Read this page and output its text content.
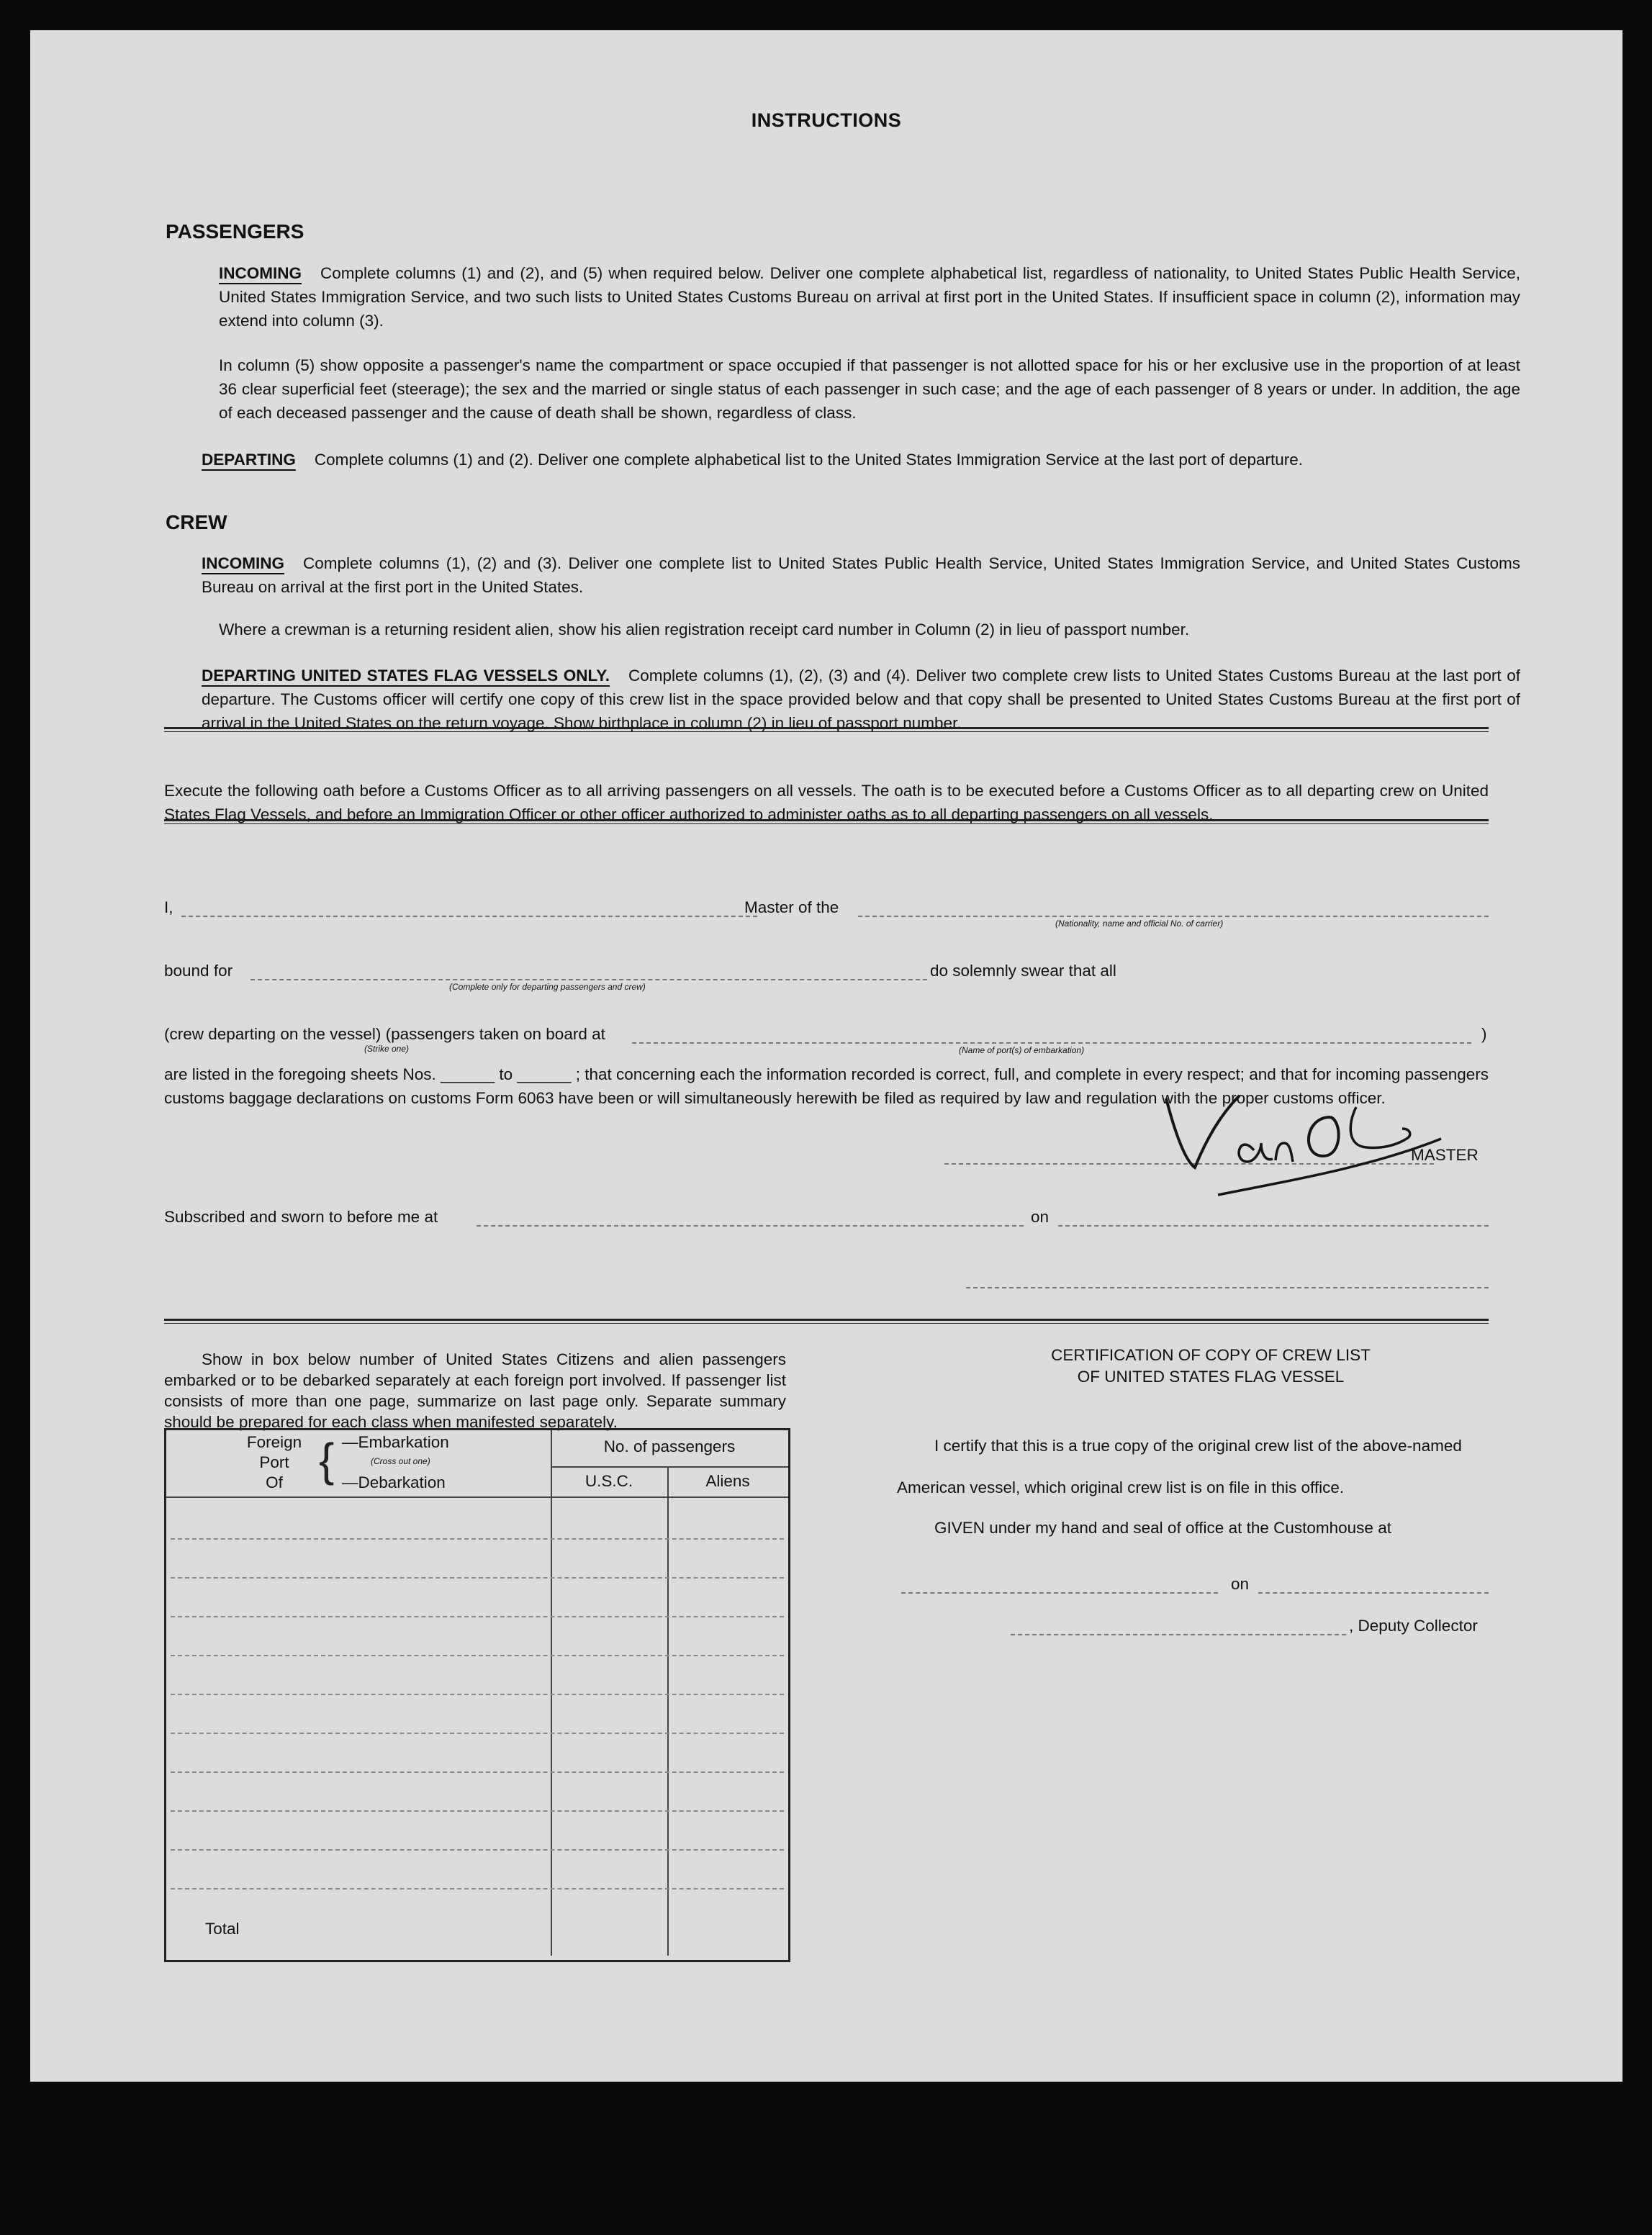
INSTRUCTIONS
PASSENGERS

INCOMING Complete columns (1) and (2), and (5) when required below. Deliver one complete alphabetical list, regardless of nationality, to United States Public Health Service, United States Immigration Service, and two such lists to United States Customs Bureau on arrival at first port in the United States. If insufficient space in column (2), information may extend into column (3).

In column (5) show opposite a passenger's name the compartment or space occupied if that passenger is not allotted space for his or her exclusive use in the proportion of at least 36 clear superficial feet (steerage); the sex and the married or single status of each passenger in such case; and the age of each passenger of 8 years or under. In addition, the age of each deceased passenger and the cause of death shall be shown, regardless of class.

DEPARTING Complete columns (1) and (2). Deliver one complete alphabetical list to the United States Immigration Service at the last port of departure.

CREW

INCOMING Complete columns (1), (2) and (3). Deliver one complete list to United States Public Health Service, United States Immigration Service, and United States Customs Bureau on arrival at the first port in the United States.

Where a crewman is a returning resident alien, show his alien registration receipt card number in Column (2) in lieu of passport number.

DEPARTING UNITED STATES FLAG VESSELS ONLY. Complete columns (1), (2), (3) and (4). Deliver two complete crew lists to United States Customs Bureau at the last port of departure. The Customs officer will certify one copy of this crew list in the space provided below and that copy shall be presented to United States Customs Bureau at the first port of arrival in the United States on the return voyage. Show birthplace in column (2) in lieu of passport number.

Execute the following oath before a Customs Officer as to all arriving passengers on all vessels. The oath is to be executed before a Customs Officer as to all departing crew on United States Flag Vessels, and before an Immigration Officer or other officer authorized to administer oaths as to all departing passengers on all vessels.

I,	Master of the
(Nationality, name and official No. of carrier)
bound for
(Complete only for departing passengers and crew)
do solemnly swear that all
(crew departing on the vessel) (passengers taken on board at
(Strike one)	(Name of port(s) of embarkation)
)

are listed in the foregoing sheets Nos. ______ to ______ ; that concerning each the information recorded is correct, full, and complete in every respect; and that for incoming passengers customs baggage declarations on customs Form 6063 have been or will simultaneously herewith be filed as required by law and regulation with the proper customs officer.

MASTER
Subscribed and sworn to before me at	on

Show in box below number of United States Citizens and alien passengers embarked or to be debarked separately at each foreign port involved. If passenger list consists of more than one page, summarize on last page only. Separate summary should be prepared for each class when manifested separately.

Foreign
Port
Of { —Embarkation
(Cross out one)
—Debarkation
No. of passengers
U.S.C.	Aliens
Total
CERTIFICATION OF COPY OF CREW LIST
OF UNITED STATES FLAG VESSEL
I certify that this is a true copy of the original crew list of the above-named
American vessel, which original crew list is on file in this office.
GIVEN under my hand and seal of office at the Customhouse at
on
, Deputy Collector
